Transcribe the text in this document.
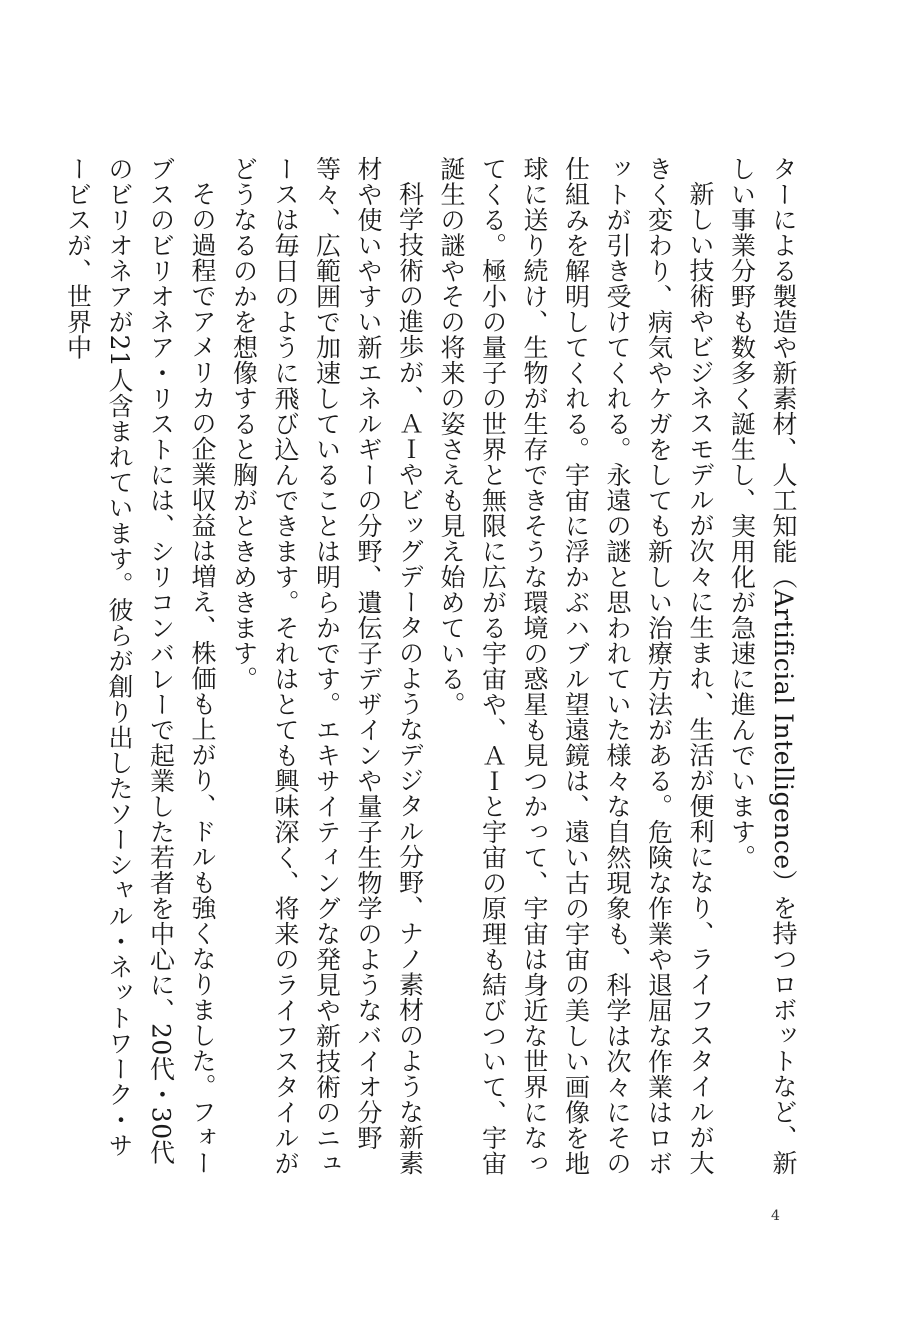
ターによる製造や新素材、人工知能（Artificial Intelligence）を持つロボットなど、新しい事業分野も数多く誕生し、実用化が急速に進んでいます。

新しい技術やビジネスモデルが次々に生まれ、生活が便利になり、ライフスタイルが大きく変わり、病気やケガをしても新しい治療方法がある。危険な作業や退屈な作業はロボットが引き受けてくれる。永遠の謎と思われていた様々な自然現象も、科学は次々にその仕組みを解明してくれる。宇宙に浮かぶハブル望遠鏡は、遠い古の宇宙の美しい画像を地球に送り続け、生物が生存できそうな環境の惑星も見つかって、宇宙は身近な世界になってくる。極小の量子の世界と無限に広がる宇宙や、ＡＩと宇宙の原理も結びついて、宇宙誕生の謎やその将来の姿さえも見え始めている。

科学技術の進歩が、ＡＩやビッグデータのようなデジタル分野、ナノ素材のような新素材や使いやすい新エネルギーの分野、遺伝子デザインや量子生物学のようなバイオ分野等々、広範囲で加速していることは明らかです。エキサイティングな発見や新技術のニュースは毎日のように飛び込んできます。それはとても興味深く、将来のライフスタイルがどうなるのかを想像すると胸がときめきます。

その過程でアメリカの企業収益は増え、株価も上がり、ドルも強くなりました。フォーブスのビリオネア・リストには、シリコンバレーで起業した若者を中心に、20代・30代のビリオネアが21人含まれています。彼らが創り出したソーシャル・ネットワーク・サービスが、世界中

4
